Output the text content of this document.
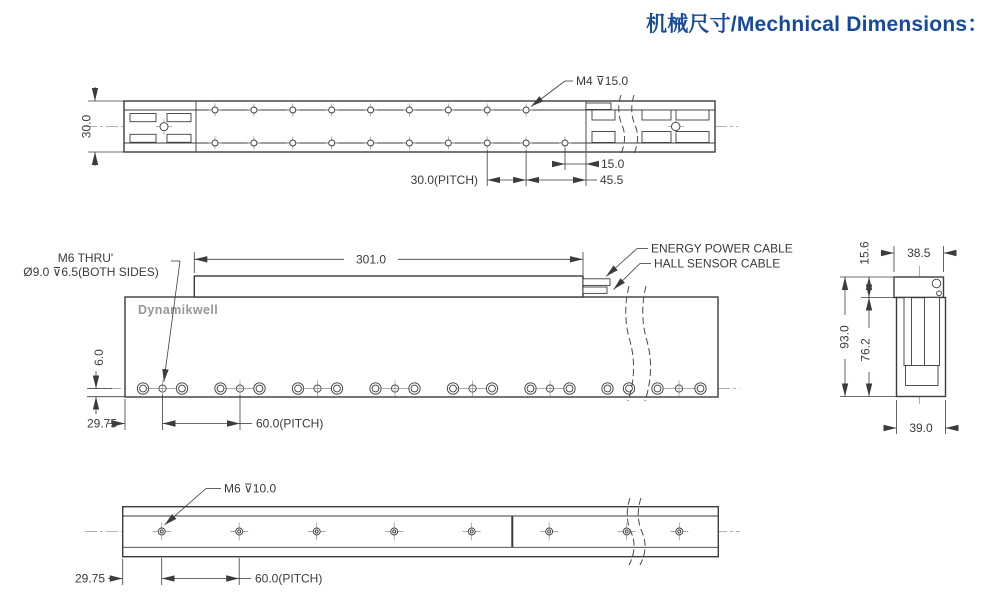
机械尺寸/Mechnical Dimensions：
30.0
M4 ⊽15.0
15.0
30.0(PITCH)	45.5
Dynamikwell
301.0
M6 THRU'
Ø9.0 ⊽6.5(BOTH SIDES)
ENERGY POWER CABLE
HALL SENSOR CABLE
6.0
29.75	60.0(PITCH)
93.0
76.2
15.6	38.5
39.0
M6 ⊽10.0
29.75	60.0(PITCH)
